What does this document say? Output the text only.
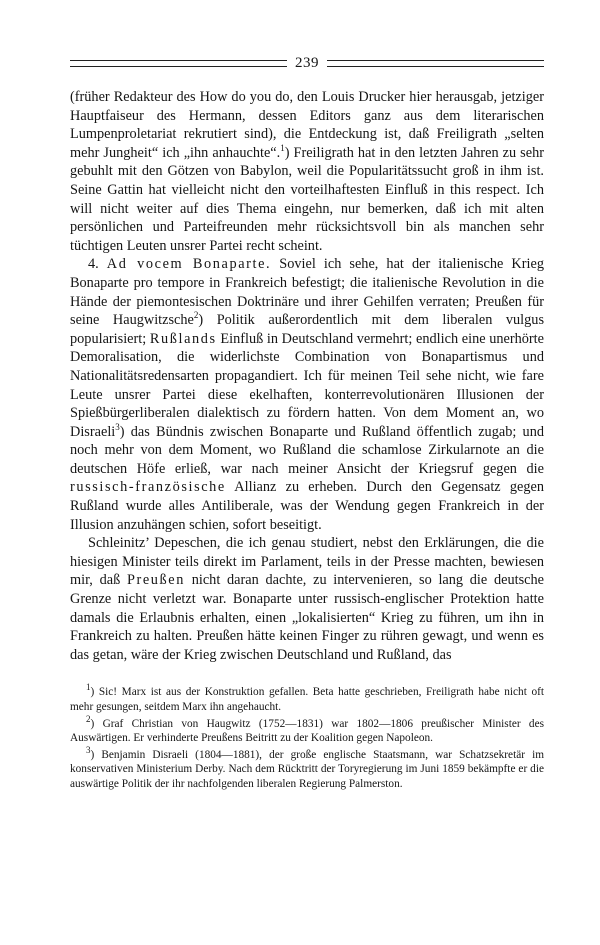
239

(früher Redakteur des How do you do, den Louis Drucker hier herausgab, jetziger Hauptfaiseur des Hermann, dessen Editors ganz aus dem literarischen Lumpenproletariat rekrutiert sind), die Entdeckung ist, daß Freiligrath „selten mehr Jungheit“ ich „ihn anhauchte“.$^1$) Freiligrath hat in den letzten Jahren zu sehr gebuhlt mit den Götzen von Babylon, weil die Popularitätssucht groß in ihm ist. Seine Gattin hat vielleicht nicht den vorteilhaftesten Einfluß in this respect. Ich will nicht weiter auf dies Thema eingehn, nur bemerken, daß ich mit alten persönlichen und Parteifreunden mehr rücksichtsvoll bin als manchen sehr tüchtigen Leuten unsrer Partei recht scheint.

4. Ad vocem Bonaparte. Soviel ich sehe, hat der italienische Krieg Bonaparte pro tempore in Frankreich befestigt; die italienische Revolution in die Hände der piemontesischen Doktrinäre und ihrer Gehilfen verraten; Preußen für seine Haugwitzsche$^2$) Politik außerordentlich mit dem liberalen vulgus popularisiert; Rußlands Einfluß in Deutschland vermehrt; endlich eine unerhörte Demoralisation, die widerlichste Combination von Bonapartismus und Nationalitätsredensarten propagandiert. Ich für meinen Teil sehe nicht, wie fare Leute unsrer Partei diese ekelhaften, konterrevolutionären Illusionen der Spießbürgerliberalen dialektisch zu fördern hatten. Von dem Moment an, wo Disraeli$^3$) das Bündnis zwischen Bonaparte und Rußland öffentlich zugab; und noch mehr von dem Moment, wo Rußland die schamlose Zirkularnote an die deutschen Höfe erließ, war nach meiner Ansicht der Kriegsruf gegen die russisch-französische Allianz zu erheben. Durch den Gegensatz gegen Rußland wurde alles Antiliberale, was der Wendung gegen Frankreich in der Illusion anzuhängen schien, sofort beseitigt.

Schleinitz’ Depeschen, die ich genau studiert, nebst den Erklärungen, die die hiesigen Minister teils direkt im Parlament, teils in der Presse machten, bewiesen mir, daß Preußen nicht daran dachte, zu intervenieren, so lang die deutsche Grenze nicht verletzt war. Bonaparte unter russisch-englischer Protektion hatte damals die Erlaubnis erhalten, einen „lokalisierten“ Krieg zu führen, um ihn in Frankreich zu halten. Preußen hätte keinen Finger zu rühren gewagt, und wenn es das getan, wäre der Krieg zwischen Deutschland und Rußland, das

$^1$) Sic! Marx ist aus der Konstruktion gefallen. Beta hatte geschrieben, Freiligrath habe nicht oft mehr gesungen, seitdem Marx ihn angehaucht.

$^2$) Graf Christian von Haugwitz (1752—1831) war 1802—1806 preußischer Minister des Auswärtigen. Er verhinderte Preußens Beitritt zu der Koalition gegen Napoleon.

$^3$) Benjamin Disraeli (1804—1881), der große englische Staatsmann, war Schatzsekretär im konservativen Ministerium Derby. Nach dem Rücktritt der Toryregierung im Juni 1859 bekämpfte er die auswärtige Politik der ihr nachfolgenden liberalen Regierung Palmerston.
